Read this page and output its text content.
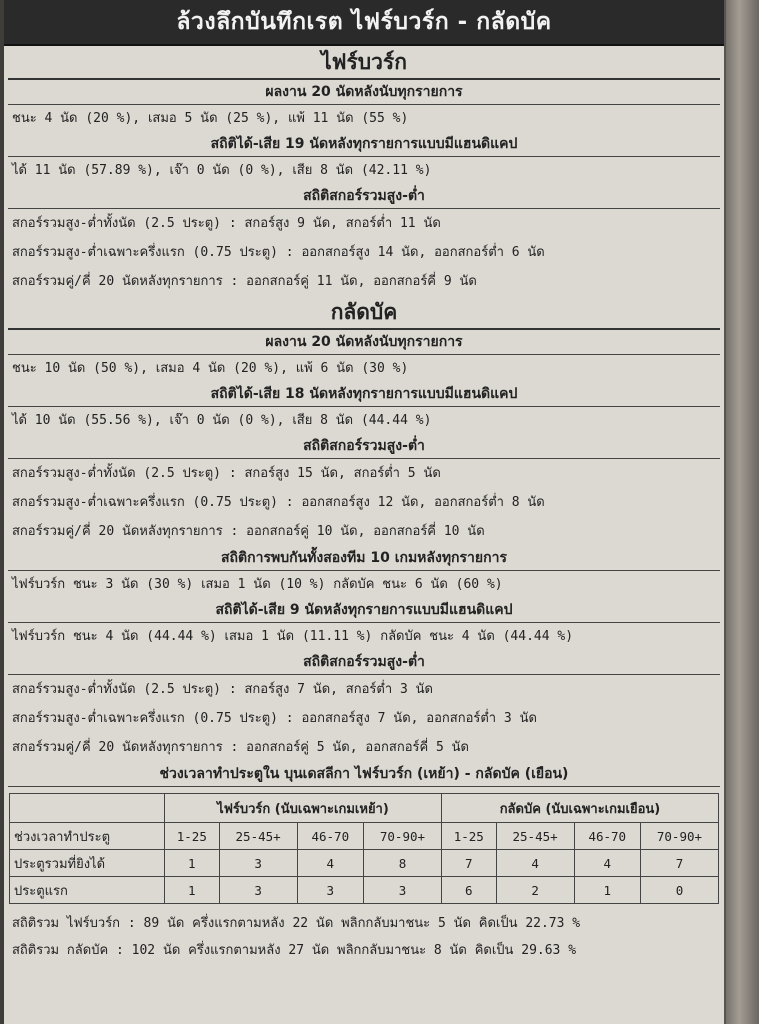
ล้วงลึกบันทึกเรต ไฟร์บวร์ก - กลัดบัค
ไฟร์บวร์ก
ผลงาน 20 นัดหลังนับทุกรายการ
ชนะ 4 นัด (20 %), เสมอ 5 นัด (25 %), แพ้ 11 นัด (55 %)
สถิติได้-เสีย 19 นัดหลังทุกรายการแบบมีแฮนดิแคป
ได้ 11 นัด (57.89 %), เจ๊า 0 นัด (0 %), เสีย 8 นัด (42.11 %)
สถิติสกอร์รวมสูง-ต่ำ
สกอร์รวมสูง-ต่ำทั้งนัด (2.5 ประตู) : สกอร์สูง 9 นัด, สกอร์ต่ำ 11 นัด
สกอร์รวมสูง-ต่ำเฉพาะครึ่งแรก (0.75 ประตู) : ออกสกอร์สูง 14 นัด, ออกสกอร์ต่ำ 6 นัด
สกอร์รวมคู่/คี่ 20 นัดหลังทุกรายการ : ออกสกอร์คู่ 11 นัด, ออกสกอร์คี่ 9 นัด
กลัดบัค
ผลงาน 20 นัดหลังนับทุกรายการ
ชนะ 10 นัด (50 %), เสมอ 4 นัด (20 %), แพ้ 6 นัด (30 %)
สถิติได้-เสีย 18 นัดหลังทุกรายการแบบมีแฮนดิแคป
ได้ 10 นัด (55.56 %), เจ๊า 0 นัด (0 %), เสีย 8 นัด (44.44 %)
สถิติสกอร์รวมสูง-ต่ำ
สกอร์รวมสูง-ต่ำทั้งนัด (2.5 ประตู) : สกอร์สูง 15 นัด, สกอร์ต่ำ 5 นัด
สกอร์รวมสูง-ต่ำเฉพาะครึ่งแรก (0.75 ประตู) : ออกสกอร์สูง 12 นัด, ออกสกอร์ต่ำ 8 นัด
สกอร์รวมคู่/คี่ 20 นัดหลังทุกรายการ : ออกสกอร์คู่ 10 นัด, ออกสกอร์คี่ 10 นัด
สถิติการพบกันทั้งสองทีม 10 เกมหลังทุกรายการ
ไฟร์บวร์ก ชนะ 3 นัด (30 %) เสมอ 1 นัด (10 %) กลัดบัค ชนะ 6 นัด (60 %)
สถิติได้-เสีย 9 นัดหลังทุกรายการแบบมีแฮนดิแคป
ไฟร์บวร์ก ชนะ 4 นัด (44.44 %) เสมอ 1 นัด (11.11 %) กลัดบัค ชนะ 4 นัด (44.44 %)
สถิติสกอร์รวมสูง-ต่ำ
สกอร์รวมสูง-ต่ำทั้งนัด (2.5 ประตู) : สกอร์สูง 7 นัด, สกอร์ต่ำ 3 นัด
สกอร์รวมสูง-ต่ำเฉพาะครึ่งแรก (0.75 ประตู) : ออกสกอร์สูง 7 นัด, ออกสกอร์ต่ำ 3 นัด
สกอร์รวมคู่/คี่ 20 นัดหลังทุกรายการ : ออกสกอร์คู่ 5 นัด, ออกสกอร์คี่ 5 นัด
ช่วงเวลาทำประตูใน บุนเดสลีกา ไฟร์บวร์ก (เหย้า) - กลัดบัค (เยือน)
	ไฟร์บวร์ก (นับเฉพาะเกมเหย้า)				กลัดบัค (นับเฉพาะเกมเยือน)			
ช่วงเวลาทำประตู	1-25	25-45+	46-70	70-90+	1-25	25-45+	46-70	70-90+
ประตูรวมที่ยิงได้	1	3	4	8	7	4	4	7
ประตูแรก	1	3	3	3	6	2	1	0
สถิติรวม ไฟร์บวร์ก : 89 นัด ครึ่งแรกตามหลัง 22 นัด พลิกกลับมาชนะ 5 นัด คิดเป็น 22.73 %
สถิติรวม กลัดบัค : 102 นัด ครึ่งแรกตามหลัง 27 นัด พลิกกลับมาชนะ 8 นัด คิดเป็น 29.63 %
